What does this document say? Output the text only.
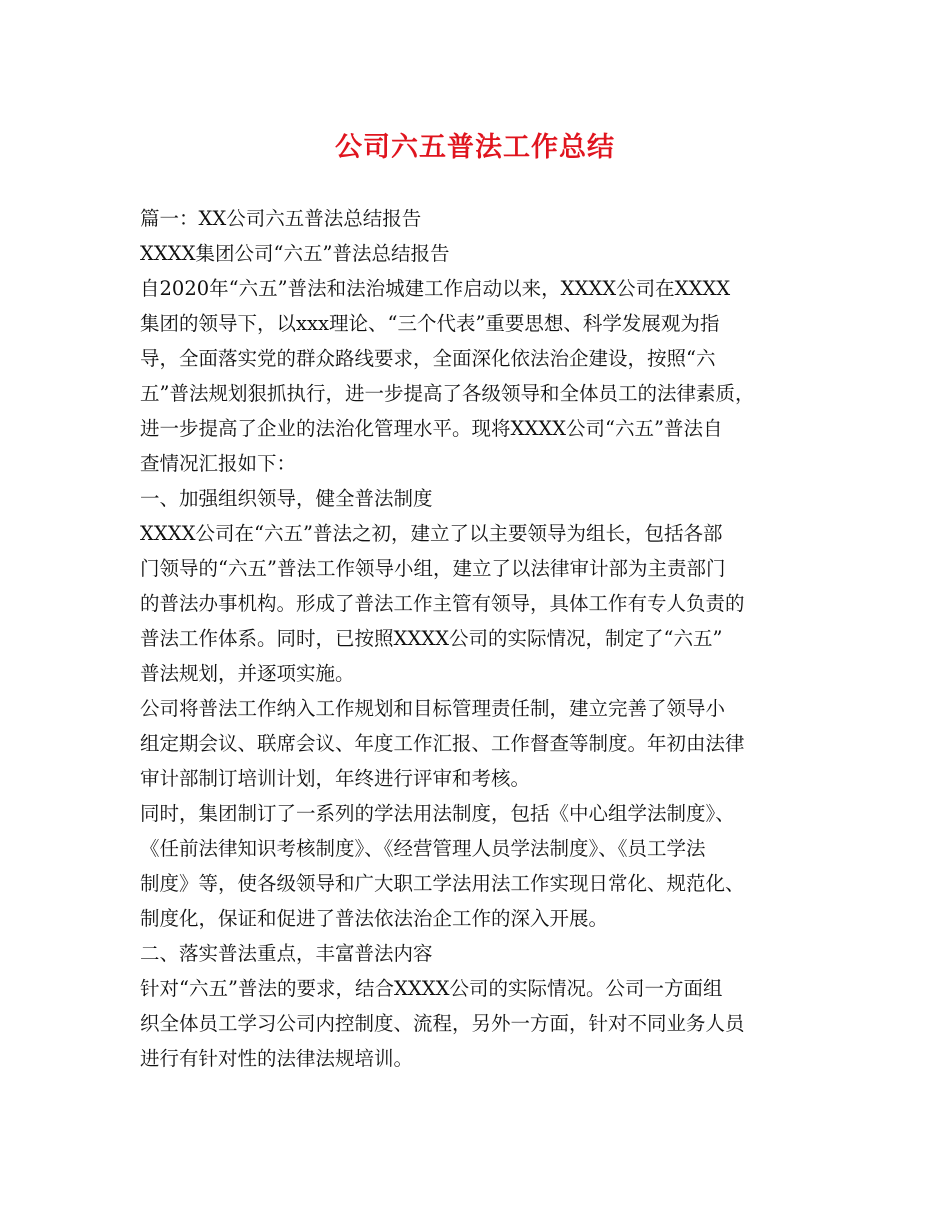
公司六五普法工作总结

篇一：XX公司六五普法总结报告

XXXX集团公司“六五”普法总结报告

自2020年“六五”普法和法治城建工作启动以来，XXXX公司在XXXX

集团的领导下，以xxx理论、“三个代表”重要思想、科学发展观为指

导，全面落实党的群众路线要求，全面深化依法治企建设，按照“六

五”普法规划狠抓执行，进一步提高了各级领导和全体员工的法律素质，

进一步提高了企业的法治化管理水平。现将XXXX公司“六五”普法自

查情况汇报如下：

一、加强组织领导，健全普法制度

XXXX公司在“六五”普法之初，建立了以主要领导为组长，包括各部

门领导的“六五”普法工作领导小组，建立了以法律审计部为主责部门

的普法办事机构。形成了普法工作主管有领导，具体工作有专人负责的

普法工作体系。同时，已按照XXXX公司的实际情况，制定了“六五”

普法规划，并逐项实施。

公司将普法工作纳入工作规划和目标管理责任制，建立完善了领导小

组定期会议、联席会议、年度工作汇报、工作督查等制度。年初由法律

审计部制订培训计划，年终进行评审和考核。

同时，集团制订了一系列的学法用法制度，包括《中心组学法制度》、

《任前法律知识考核制度》、《经营管理人员学法制度》、《员工学法

制度》等，使各级领导和广大职工学法用法工作实现日常化、规范化、

制度化，保证和促进了普法依法治企工作的深入开展。

二、落实普法重点，丰富普法内容

针对“六五”普法的要求，结合XXXX公司的实际情况。公司一方面组

织全体员工学习公司内控制度、流程，另外一方面，针对不同业务人员

进行有针对性的法律法规培训。
